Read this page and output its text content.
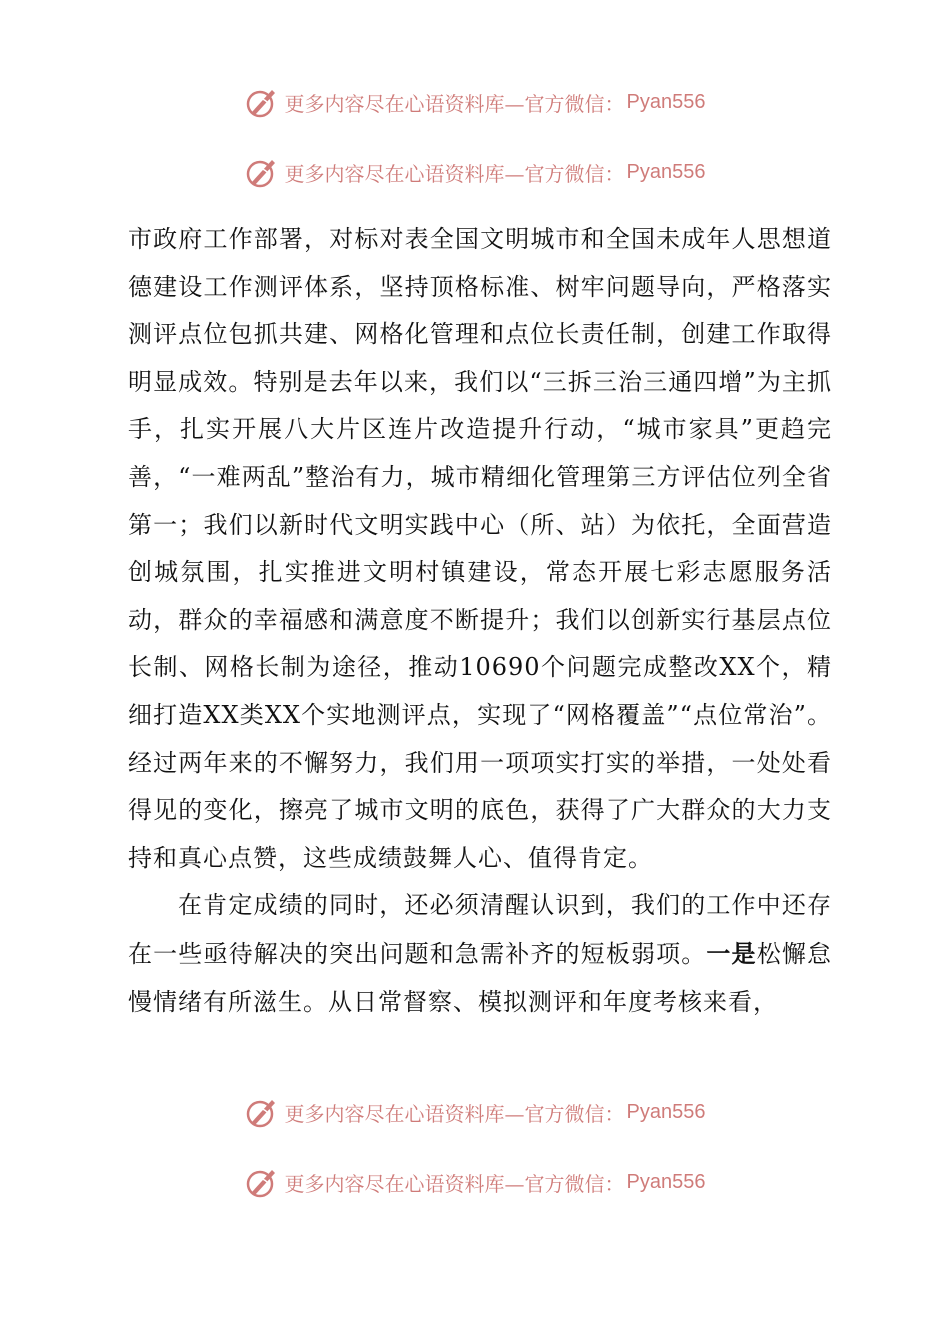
更多内容尽在心语资料库—官方微信： Pyan556
更多内容尽在心语资料库—官方微信： Pyan556

市政府工作部署，对标对表全国文明城市和全国未成年人思想道德建设工作测评体系，坚持顶格标准、树牢问题导向，严格落实测评点位包抓共建、网格化管理和点位长责任制，创建工作取得明显成效。特别是去年以来，我们以“三拆三治三通四增”为主抓手，扎实开展八大片区连片改造提升行动，“城市家具”更趋完善，“一难两乱”整治有力，城市精细化管理第三方评估位列全省第一；我们以新时代文明实践中心（所、站）为依托，全面营造创城氛围，扎实推进文明村镇建设，常态开展七彩志愿服务活动，群众的幸福感和满意度不断提升；我们以创新实行基层点位长制、网格长制为途径，推动10690个问题完成整改XX个，精细打造XX类XX个实地测评点，实现了“网格覆盖”“点位常治”。经过两年来的不懈努力，我们用一项项实打实的举措，一处处看得见的变化，擦亮了城市文明的底色，获得了广大群众的大力支持和真心点赞，这些成绩鼓舞人心、值得肯定。

在肯定成绩的同时，还必须清醒认识到，我们的工作中还存在一些亟待解决的突出问题和急需补齐的短板弱项。一是松懈怠慢情绪有所滋生。从日常督察、模拟测评和年度考核来看，

更多内容尽在心语资料库—官方微信： Pyan556
更多内容尽在心语资料库—官方微信： Pyan556
